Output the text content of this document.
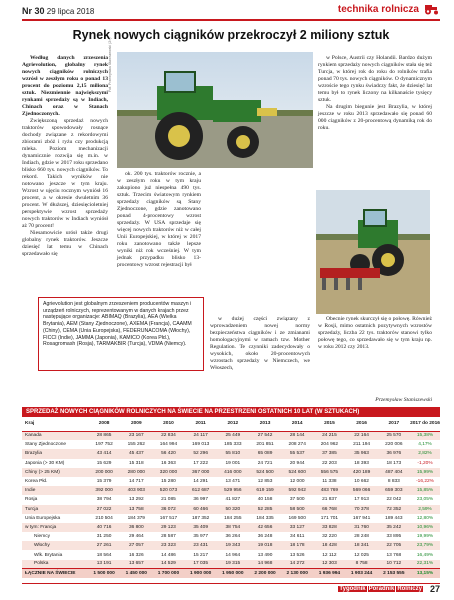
Nr 30 29 lipca 2018	technika rolnicza
Rynek nowych ciągników przekroczył 2 miliony sztuk

Według danych zrzeszenia Agrievolution, globalny rynek nowych ciągników rolniczych wzrósł w zeszłym roku o ponad 13 procent do poziomu 2,15 miliona sztuk. Niezmiennie największymi rynkami sprzedaży są w Indiach, Chinach oraz w Stanach Zjednoczonych.

Zwiększoną sprzedaż nowych traktorów spowodowały rosnące dochody związane z rekordowymi zbiorami zbóż i ryżu czy produkcją mleka. Poziom mechanizacji dynamicznie rozwija się m.in. w Indiach, gdzie w 2017 roku sprzedano blisko 660 tys. nowych ciągników. To rekord. Takich wyników nie notowano jeszcze w tym kraju. Wzrost w ujęciu rocznym wyniósł 16 procent, a w okresie dwuletnim 36 procent. W dłuższej, dziesięcioletniej perspektywie wzrost sprzedaży nowych traktorów w Indiach wyniósł aż 70 procent!

Niesamowicie urósł także drugi globalny rynek traktorów. Jeszcze dziesięć lat temu w Chinach sprzedawało się

Fot. Przemysław Staniszewski (2×)

ok. 200 tys. traktorów rocznie, a w zeszłym roku w tym kraju zakupiono już niespełna 490 tys. sztuk. Trzecim światowym rynkiem sprzedaży ciągników są Stany Zjednoczone, gdzie zanotowano ponad 4-procentowy wzrost sprzedaży. W USA sprzedaje się więcej nowych traktorów niż w całej Unii Europejskiej, w której w 2017 roku zanotowano także lepsze wyniki niż rok wcześniej. W tym jednak przypadku blisko 13-procentowy wzrost rejestracji był

w Polsce, Austrii czy Holandii. Bardzo dużym rynkiem sprzedaży nowych ciągników stała się też Turcja, w której rok do roku do rolników trafia ponad 70 tys. nowych ciągników. O dynamicznym wzroście tego rynku świadczy fakt, że dziesięć lat temu był to rynek liczony na kilkanaście tysięcy sztuk.

Na drugim biegunie jest Brazylia, w której jeszcze w roku 2013 sprzedawało się ponad 60 000 ciągników z 20-procentową dynamiką rok do roku.

Agrievolution jest globalnym zrzeszeniem producentów maszyn i urządzeń rolniczych, reprezentowanym w danych krajach przez następujące organizacje: ABIMAQ (Brazylia), AEA (Wielka Brytania), AEM (Stany Zjednoczone), AXEMA (Francja), CAAMM (Chiny), CEMA (Unia Europejska), FEDERUNACOMA (Włochy), FICCI (Indie), JAMMA (Japonia), KAMICO (Korea Płd.), Rosagromash (Rosja), TARMAKBIR (Turcja), VDMA (Niemcy).

w dużej części związany z wprowadzeniem nowej normy bezpieczeństwa ciągników i ze zmianami homologacyjnymi w ramach tzw. Mother Regulation. Te czynniki zadecydowały o wysokich, około 20-procentowych wzrostach sprzedaży w Niemczech, we Włoszech,

Obecnie rynek skurczył się o połowę. Również w Rosji, mimo ostatnich pozytywnych wzrostów sprzedaży, liczba 22 tys. traktorów stanowi tylko połowę tego, co sprzedawało się w tym kraju np. w roku 2012 czy 2013.

Przemysław Staniszewski
SPRZEDAŻ NOWYCH CIĄGNIKÓW ROLNICZYCH NA ŚWIECIE NA PRZESTRZENI OSTATNICH 10 LAT (W SZTUKACH)
Kraj	2008	2009	2010	2011	2012	2013	2014	2015	2016	2017	2017 do 2016
Kanada	28 865	23 167	22 834	24 117	25 449	27 542	28 144	24 215	22 164	25 570	15,38%
Stany Zjednoczone	197 752	155 262	164 994	169 013	185 333	201 851	208 274	204 962	211 194	220 006	4,17%
Brazylia	43 414	45 437	56 420	52 296	55 810	65 089	55 537	37 385	35 963	36 976	2,82%
Japonia (> 30 KM)	15 629	15 318	16 363	17 222	19 001	24 721	20 944	22 203	18 393	18 173	-1,20%
Chiny (> 25 KM)	200 000	280 000	320 000	367 000	416 000	524 500	524 600	556 575	420 189	487 404	15,99%
Korea Płd.	15 379	14 717	15 280	14 291	13 471	12 853	12 000	11 338	10 662	8 833	-16,22%
Indie	392 000	403 903	520 073	612 687	529 956	619 159	592 942	483 769	569 066	659 303	15,85%
Rosja	38 794	13 292	21 085	36 997	41 827	40 158	37 500	21 837	17 913	22 042	23,05%
Turcja	27 022	13 758	36 072	60 466	50 320	52 285	58 500	66 768	70 378	72 352	2,59%
Unia Europejska	210 504	184 379	167 517	187 352	184 255	184 335	169 500	171 701	167 941	189 443	12,80%
w tym: Francja	40 716	36 800	29 123	35 409	38 754	42 656	33 127	33 828	31 760	35 242	10,96%
Niemcy	31 250	29 464	28 587	35 977	36 264	36 248	34 611	32 220	28 248	33 895	19,99%
Włochy	27 261	27 057	23 323	23 431	19 343	19 018	18 178	18 428	18 341	22 705	23,79%
Wlk. Brytania	18 564	16 326	14 486	15 217	14 964	13 490	13 526	12 112	12 025	13 768	16,49%
Polska	13 191	13 657	14 529	17 035	19 315	14 968	14 272	12 303	8 758	10 712	22,31%
ŁĄCZNIE NA ŚWIECIE	1 500 000	1 450 000	1 700 000	1 900 000	1 950 000	2 200 000	2 130 000	1 936 994	1 903 244	2 153 555	13,15%
Tygodnik Poradnik Rolniczy 27
